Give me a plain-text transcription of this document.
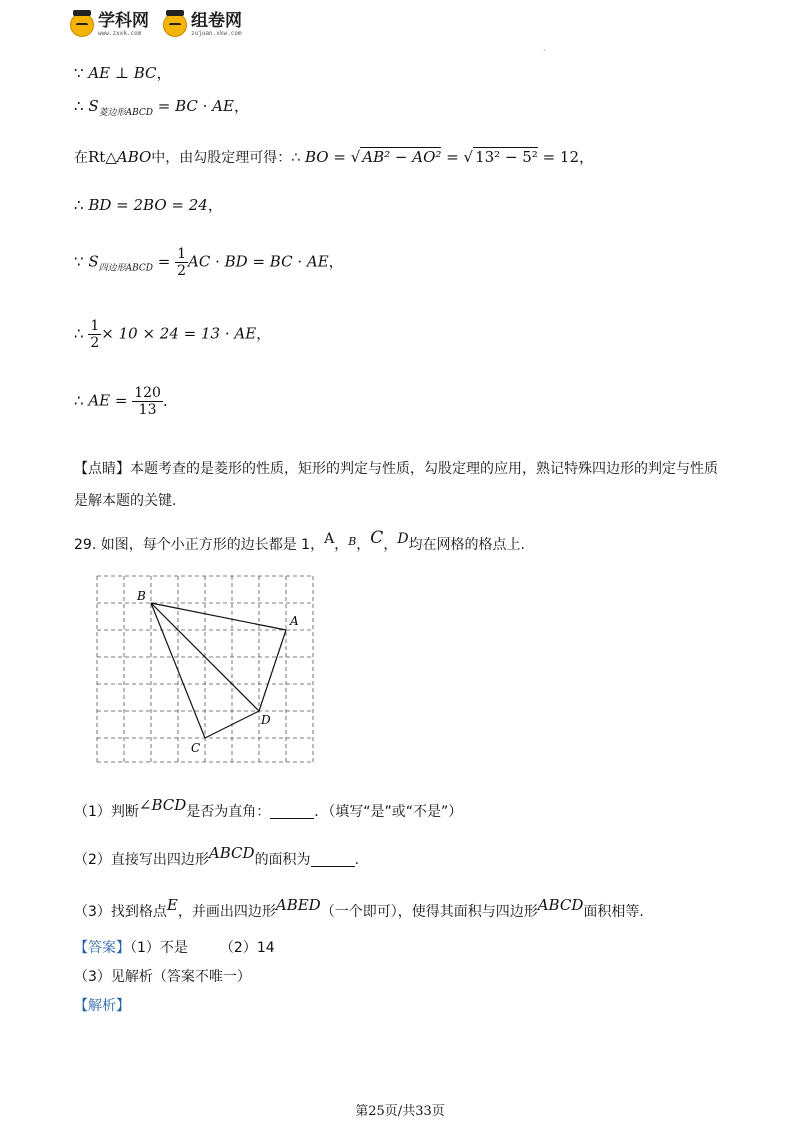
学科网
www.zxxk.com
组卷网
zujuan.xkw.com
·
∵ AE ⊥ BC，
∴ $S_{菱边形ABCD}$ = BC · AE，
在Rt△ABO中，由勾股定理可得：∴ BO = √ AB² − AO² = √ 13² − 5² = 12，
∴ BD = 2BO = 24，
∵ $S_{四边形ABCD} = \frac{1}{2}$ AC · BD = BC · AE，
∴ $\frac{1}{2} \times 10 \times 24 = 13$ · AE，
∴ AE = $\frac{120}{13}$ ．
【点睛】本题考查的是菱形的性质，矩形的判定与性质，勾股定理的应用，熟记特殊四边形的判定与性质
是解本题的关键.
29. 如图，每个小正方形的边长都是 1，A，$^B$，C，D均在网格的格点上.
B
A
D
C
（1）判断∠BCD是否为直角：	．（填写“是”或“不是”）
（2）直接写出四边形ABCD的面积为	.
（3）找到格点E，并画出四边形ABED（一个即可），使得其面积与四边形ABCD面积相等.
【答案】（1）不是 （2）14
（3）见解析（答案不唯一）
【解析】
第25页/共33页
